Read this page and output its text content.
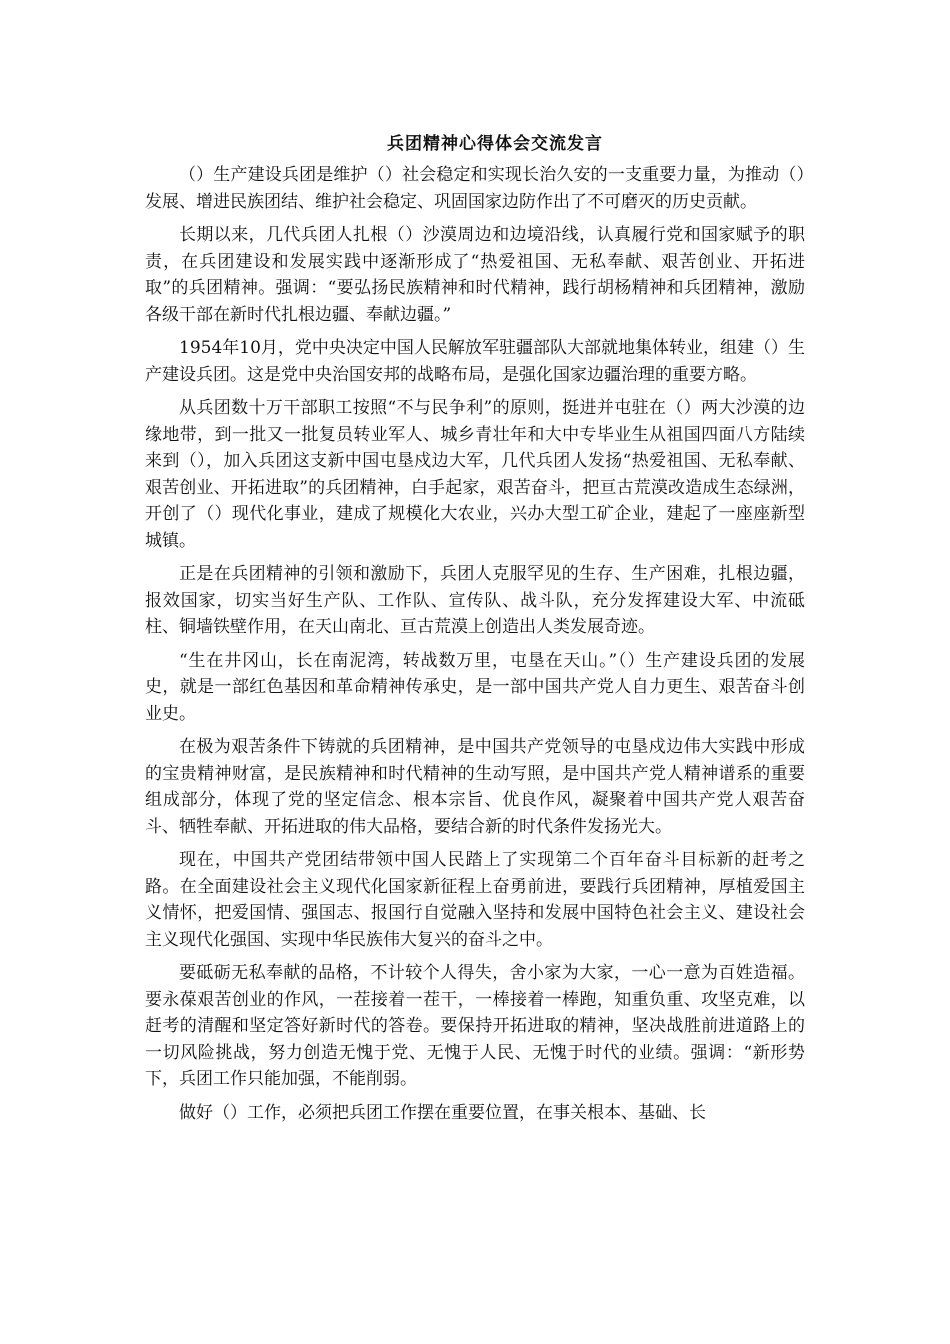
兵团精神心得体会交流发言

（）生产建设兵团是维护（）社会稳定和实现长治久安的一支重要力量，为推动（）发展、增进民族团结、维护社会稳定、巩固国家边防作出了不可磨灭的历史贡献。

长期以来，几代兵团人扎根（）沙漠周边和边境沿线，认真履行党和国家赋予的职责，在兵团建设和发展实践中逐渐形成了“热爱祖国、无私奉献、艰苦创业、开拓进取”的兵团精神。强调：“要弘扬民族精神和时代精神，践行胡杨精神和兵团精神，激励各级干部在新时代扎根边疆、奉献边疆。”

1954年10月，党中央决定中国人民解放军驻疆部队大部就地集体转业，组建（）生产建设兵团。这是党中央治国安邦的战略布局，是强化国家边疆治理的重要方略。

从兵团数十万干部职工按照“不与民争利”的原则，挺进并屯驻在（）两大沙漠的边缘地带，到一批又一批复员转业军人、城乡青壮年和大中专毕业生从祖国四面八方陆续来到（），加入兵团这支新中国屯垦戍边大军，几代兵团人发扬“热爱祖国、无私奉献、艰苦创业、开拓进取”的兵团精神，白手起家，艰苦奋斗，把亘古荒漠改造成生态绿洲，开创了（）现代化事业，建成了规模化大农业，兴办大型工矿企业，建起了一座座新型城镇。

正是在兵团精神的引领和激励下，兵团人克服罕见的生存、生产困难，扎根边疆，报效国家，切实当好生产队、工作队、宣传队、战斗队，充分发挥建设大军、中流砥柱、铜墙铁壁作用，在天山南北、亘古荒漠上创造出人类发展奇迹。

“生在井冈山，长在南泥湾，转战数万里，屯垦在天山。”（）生产建设兵团的发展史，就是一部红色基因和革命精神传承史，是一部中国共产党人自力更生、艰苦奋斗创业史。

在极为艰苦条件下铸就的兵团精神，是中国共产党领导的屯垦戍边伟大实践中形成的宝贵精神财富，是民族精神和时代精神的生动写照，是中国共产党人精神谱系的重要组成部分，体现了党的坚定信念、根本宗旨、优良作风，凝聚着中国共产党人艰苦奋斗、牺牲奉献、开拓进取的伟大品格，要结合新的时代条件发扬光大。

现在，中国共产党团结带领中国人民踏上了实现第二个百年奋斗目标新的赶考之路。在全面建设社会主义现代化国家新征程上奋勇前进，要践行兵团精神，厚植爱国主义情怀，把爱国情、强国志、报国行自觉融入坚持和发展中国特色社会主义、建设社会主义现代化强国、实现中华民族伟大复兴的奋斗之中。

要砥砺无私奉献的品格，不计较个人得失，舍小家为大家，一心一意为百姓造福。要永葆艰苦创业的作风，一茬接着一茬干，一棒接着一棒跑，知重负重、攻坚克难，以赶考的清醒和坚定答好新时代的答卷。要保持开拓进取的精神，坚决战胜前进道路上的一切风险挑战，努力创造无愧于党、无愧于人民、无愧于时代的业绩。强调：“新形势下，兵团工作只能加强，不能削弱。

做好（）工作，必须把兵团工作摆在重要位置，在事关根本、基础、长
